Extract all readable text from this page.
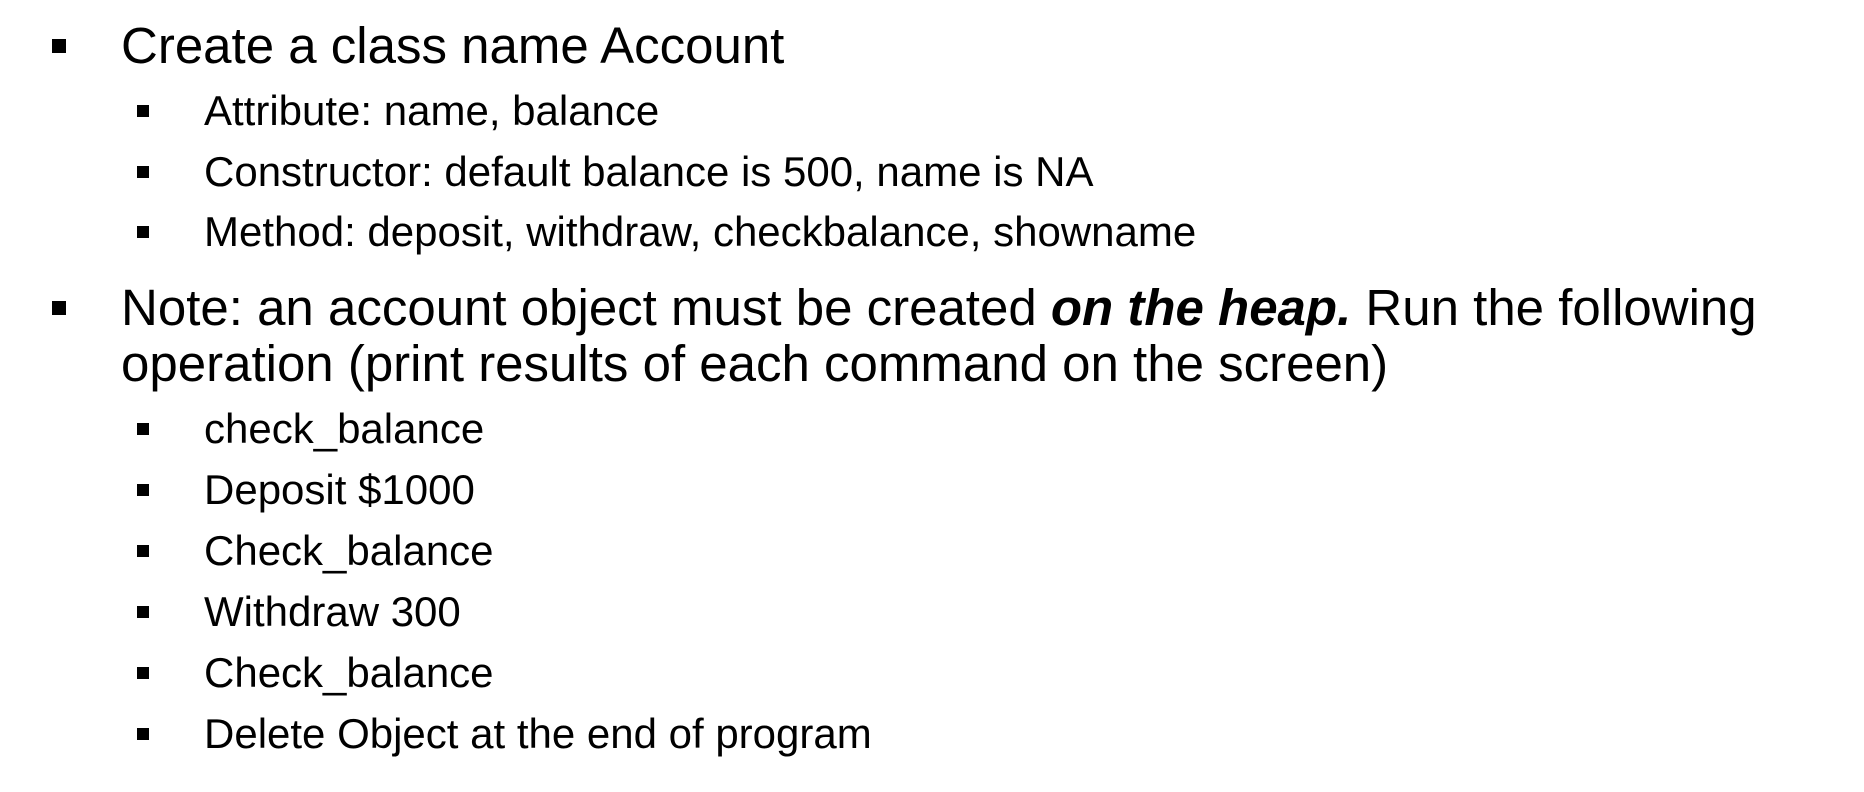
Create a class name Account
Attribute: name, balance
Constructor: default balance is 500, name is NA
Method: deposit, withdraw, checkbalance, showname
Note: an account object must be created on the heap. Run the following
operation (print results of each command on the screen)
check_balance
Deposit $1000
Check_balance
Withdraw 300
Check_balance
Delete Object at the end of program
